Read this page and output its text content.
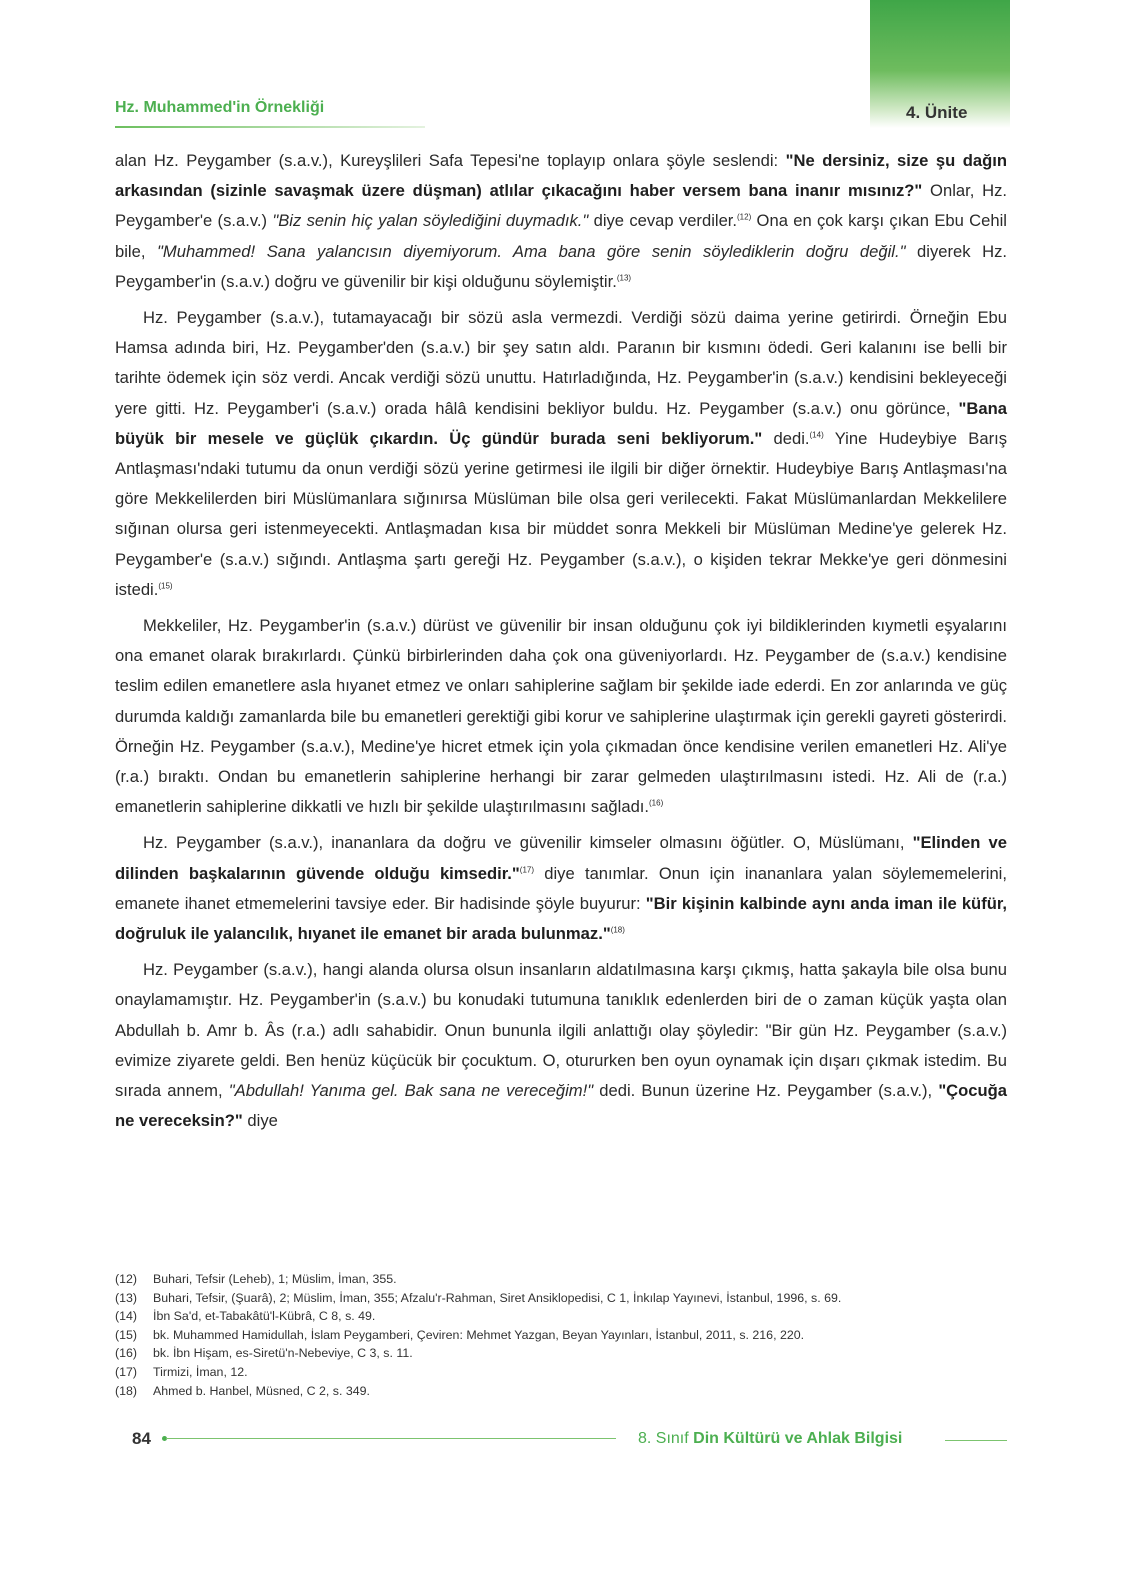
4. Ünite
Hz. Muhammed'in Örnekliği

alan Hz. Peygamber (s.a.v.), Kureyşlileri Safa Tepesi'ne toplayıp onlara şöyle seslendi: "Ne dersiniz, size şu dağın arkasından (sizinle savaşmak üzere düşman) atlılar çıkacağını haber versem bana inanır mısınız?" Onlar, Hz. Peygamber'e (s.a.v.) "Biz senin hiç yalan söylediğini duymadık." diye cevap verdiler.$^{(12)}$ Ona en çok karşı çıkan Ebu Cehil bile, "Muhammed! Sana yalancısın diyemiyorum. Ama bana göre senin söylediklerin doğru değil." diyerek Hz. Peygamber'in (s.a.v.) doğru ve güvenilir bir kişi olduğunu söylemiştir.$^{(13)}$

Hz. Peygamber (s.a.v.), tutamayacağı bir sözü asla vermezdi. Verdiği sözü daima yerine getirirdi. Örneğin Ebu Hamsa adında biri, Hz. Peygamber'den (s.a.v.) bir şey satın aldı. Paranın bir kısmını ödedi. Geri kalanını ise belli bir tarihte ödemek için söz verdi. Ancak verdiği sözü unuttu. Hatırladığında, Hz. Peygamber'in (s.a.v.) kendisini bekleyeceği yere gitti. Hz. Peygamber'i (s.a.v.) orada hâlâ kendisini bekliyor buldu. Hz. Peygamber (s.a.v.) onu görünce, "Bana büyük bir mesele ve güçlük çıkardın. Üç gündür burada seni bekliyorum." dedi.$^{(14)}$ Yine Hudeybiye Barış Antlaşması'ndaki tutumu da onun verdiği sözü yerine getirmesi ile ilgili bir diğer örnektir. Hudeybiye Barış Antlaşması'na göre Mekkelilerden biri Müslümanlara sığınırsa Müslüman bile olsa geri verilecekti. Fakat Müslümanlardan Mekkelilere sığınan olursa geri istenmeyecekti. Antlaşmadan kısa bir müddet sonra Mekkeli bir Müslüman Medine'ye gelerek Hz. Peygamber'e (s.a.v.) sığındı. Antlaşma şartı gereği Hz. Peygamber (s.a.v.), o kişiden tekrar Mekke'ye geri dönmesini istedi.$^{(15)}$

Mekkeliler, Hz. Peygamber'in (s.a.v.) dürüst ve güvenilir bir insan olduğunu çok iyi bildiklerinden kıymetli eşyalarını ona emanet olarak bırakırlardı. Çünkü birbirlerinden daha çok ona güveniyorlardı. Hz. Peygamber de (s.a.v.) kendisine teslim edilen emanetlere asla hıyanet etmez ve onları sahiplerine sağlam bir şekilde iade ederdi. En zor anlarında ve güç durumda kaldığı zamanlarda bile bu emanetleri gerektiği gibi korur ve sahiplerine ulaştırmak için gerekli gayreti gösterirdi. Örneğin Hz. Peygamber (s.a.v.), Medine'ye hicret etmek için yola çıkmadan önce kendisine verilen emanetleri Hz. Ali'ye (r.a.) bıraktı. Ondan bu emanetlerin sahiplerine herhangi bir zarar gelmeden ulaştırılmasını istedi. Hz. Ali de (r.a.) emanetlerin sahiplerine dikkatli ve hızlı bir şekilde ulaştırılmasını sağladı.$^{(16)}$

Hz. Peygamber (s.a.v.), inananlara da doğru ve güvenilir kimseler olmasını öğütler. O, Müslümanı, "Elinden ve dilinden başkalarının güvende olduğu kimsedir."$^{(17)}$ diye tanımlar. Onun için inananlara yalan söylememelerini, emanete ihanet etmemelerini tavsiye eder. Bir hadisinde şöyle buyurur: "Bir kişinin kalbinde aynı anda iman ile küfür, doğruluk ile yalancılık, hıyanet ile emanet bir arada bulunmaz."$^{(18)}$

Hz. Peygamber (s.a.v.), hangi alanda olursa olsun insanların aldatılmasına karşı çıkmış, hatta şakayla bile olsa bunu onaylamamıştır. Hz. Peygamber'in (s.a.v.) bu konudaki tutumuna tanıklık edenlerden biri de o zaman küçük yaşta olan Abdullah b. Amr b. Âs (r.a.) adlı sahabidir. Onun bununla ilgili anlattığı olay şöyledir: "Bir gün Hz. Peygamber (s.a.v.) evimize ziyarete geldi. Ben henüz küçücük bir çocuktum. O, otururken ben oyun oynamak için dışarı çıkmak istedim. Bu sırada annem, "Abdullah! Yanıma gel. Bak sana ne vereceğim!" dedi. Bunun üzerine Hz. Peygamber (s.a.v.), "Çocuğa ne vereceksin?" diye

(12)	Buhari, Tefsir (Leheb), 1; Müslim, İman, 355.
(13)	Buhari, Tefsir, (Şuarâ), 2; Müslim, İman, 355; Afzalu'r-Rahman, Siret Ansiklopedisi, C 1, İnkılap Yayınevi, İstanbul, 1996, s. 69.
(14)	İbn Sa'd, et-Tabakâtü'l-Kübrâ, C 8, s. 49.
(15)	bk. Muhammed Hamidullah, İslam Peygamberi, Çeviren: Mehmet Yazgan, Beyan Yayınları, İstanbul, 2011, s. 216, 220.
(16)	bk. İbn Hişam, es-Siretü'n-Nebeviye, C 3, s. 11.
(17)	Tirmizi, İman, 12.
(18)	Ahmed b. Hanbel, Müsned, C 2, s. 349.
84	8. Sınıf Din Kültürü ve Ahlak Bilgisi
